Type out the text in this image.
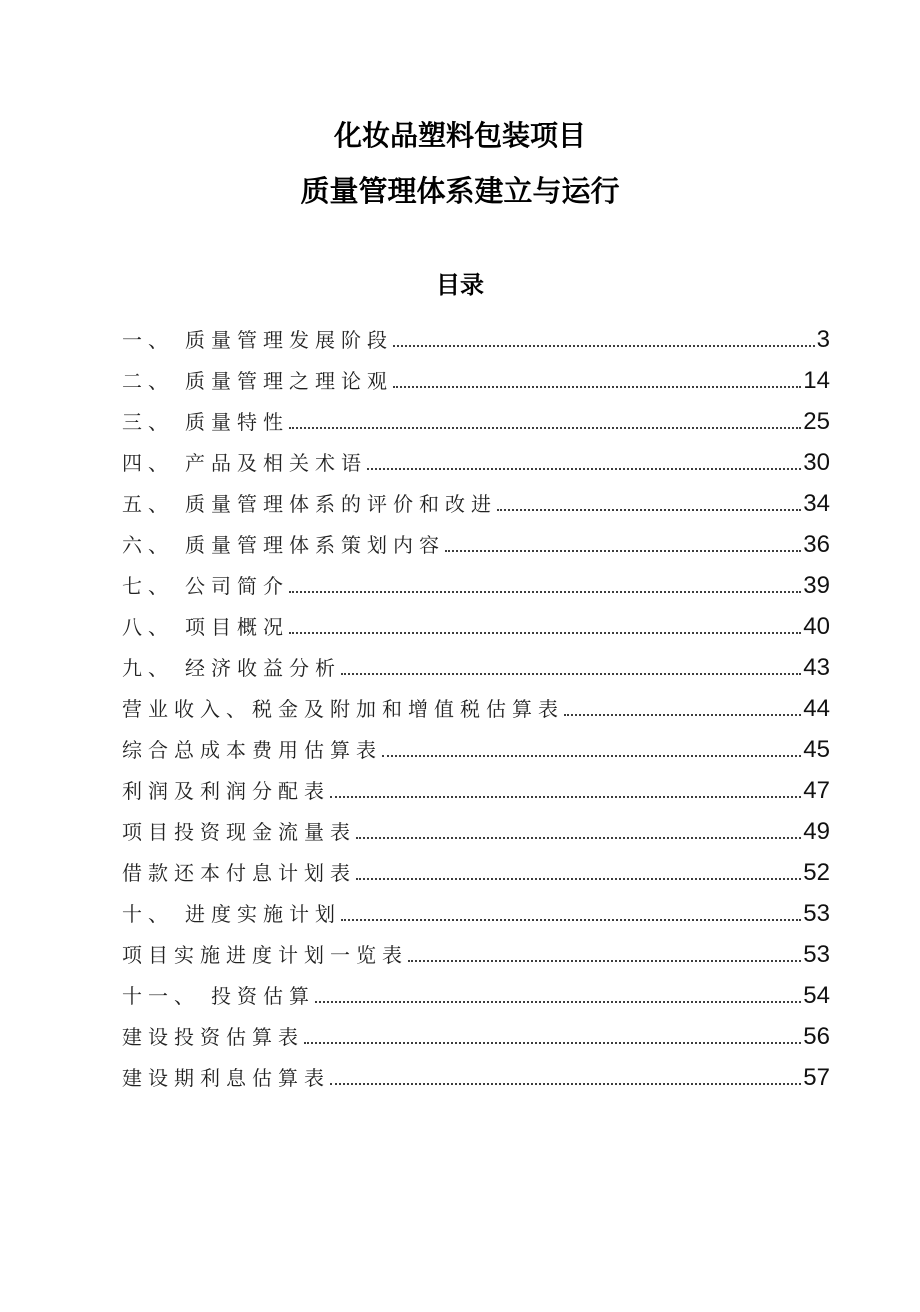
化妆品塑料包装项目
质量管理体系建立与运行
目录
一、 质量管理发展阶段	3
二、 质量管理之理论观	14
三、 质量特性	25
四、 产品及相关术语	30
五、 质量管理体系的评价和改进	34
六、 质量管理体系策划内容	36
七、 公司简介	39
八、 项目概况	40
九、 经济收益分析	43
营业收入、税金及附加和增值税估算表	44
综合总成本费用估算表	45
利润及利润分配表	47
项目投资现金流量表	49
借款还本付息计划表	52
十、 进度实施计划	53
项目实施进度计划一览表	53
十一、 投资估算	54
建设投资估算表	56
建设期利息估算表	57
